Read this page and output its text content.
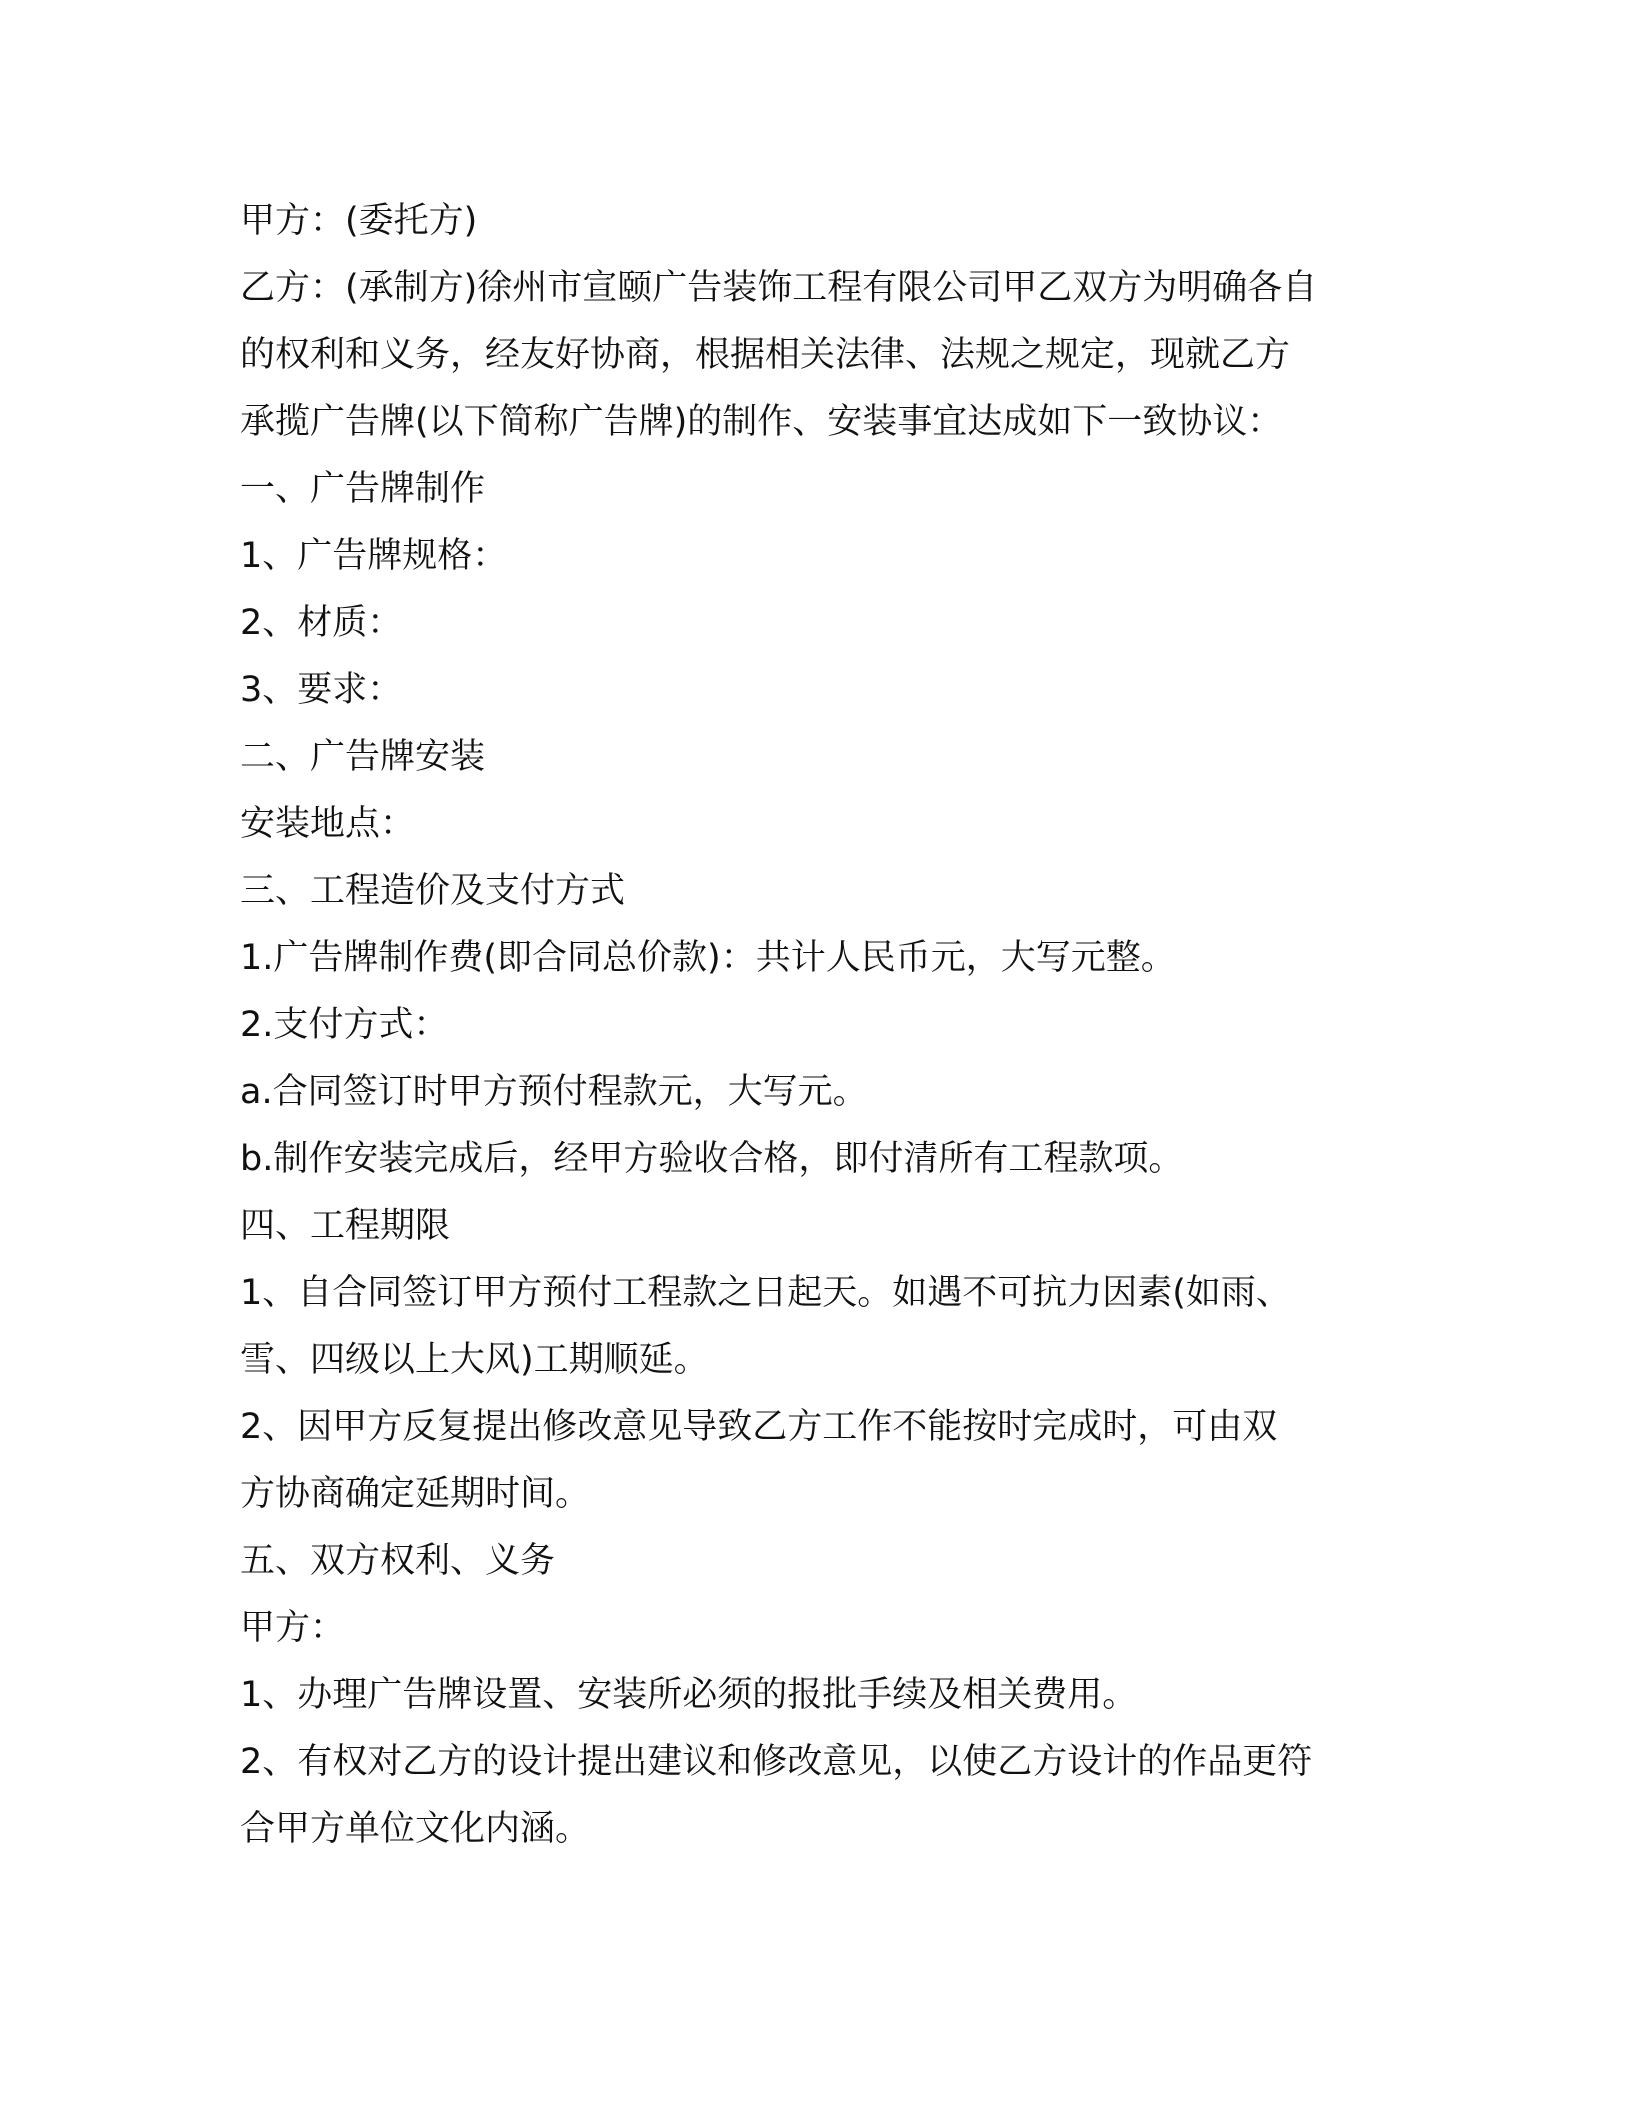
甲方：(委托方)
乙方：(承制方)徐州市宣颐广告装饰工程有限公司甲乙双方为明确各自
的权利和义务，经友好协商，根据相关法律、法规之规定，现就乙方
承揽广告牌(以下简称广告牌)的制作、安装事宜达成如下一致协议：
一、广告牌制作
1、广告牌规格：
2、材质：
3、要求：
二、广告牌安装
安装地点：
三、工程造价及支付方式
1.广告牌制作费(即合同总价款)：共计人民币元，大写元整。
2.支付方式：
a.合同签订时甲方预付程款元，大写元。
b.制作安装完成后，经甲方验收合格，即付清所有工程款项。
四、工程期限
1、自合同签订甲方预付工程款之日起天。如遇不可抗力因素(如雨、
雪、四级以上大风)工期顺延。
2、因甲方反复提出修改意见导致乙方工作不能按时完成时，可由双
方协商确定延期时间。
五、双方权利、义务
甲方：
1、办理广告牌设置、安装所必须的报批手续及相关费用。
2、有权对乙方的设计提出建议和修改意见，以使乙方设计的作品更符
合甲方单位文化内涵。
